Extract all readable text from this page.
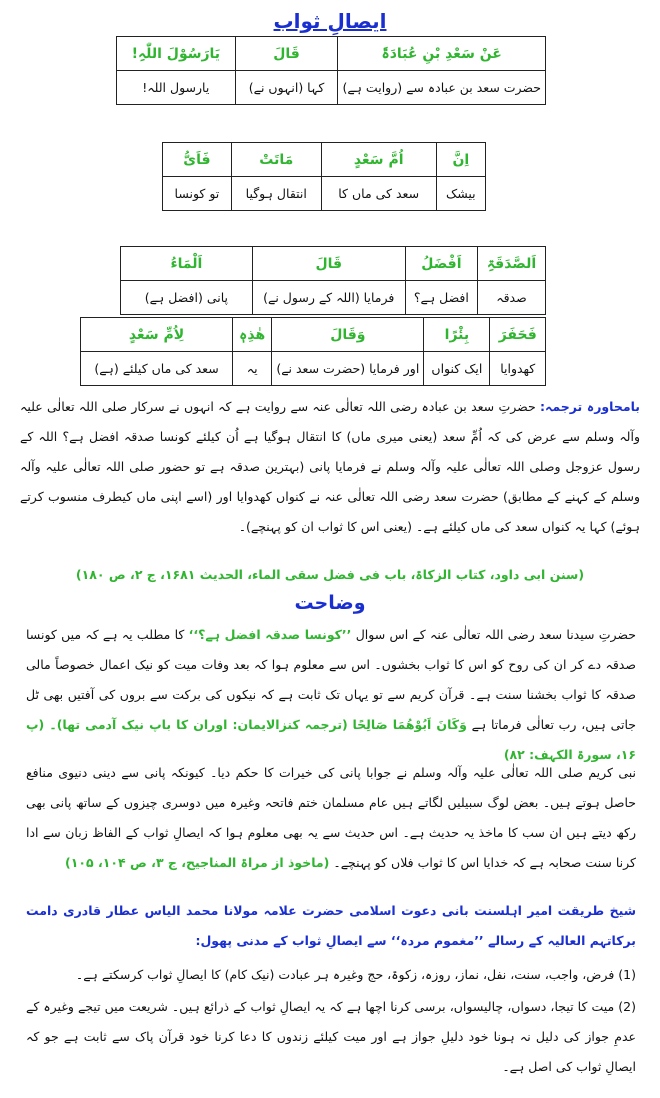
ایصالِ ثواب
عَنْ سَعْدِ بْنِ عُبَادَۃَ	قَالَ	یَارَسُوْلَ اللّٰہِ!
حضرت سعد بن عبادہ سے (روایت ہے)	کہا (انہوں نے)	یارسول اللہ!
اِنَّ	اُمَّ سَعْدٍ	مَاتَتْ	فَاَیُّ
بیشک	سعد کی ماں کا	انتقال ہوگیا	تو کونسا
اَلصَّدَقَۃِ	اَفْضَلُ	قَالَ	اَلْمَاءُ
صدقہ	افضل ہے؟	فرمایا (اللہ کے رسول نے)	پانی (افضل ہے)
فَحَفَرَ	بِئْرًا	وَقَالَ	ھٰذِہٖ	لِاُمِّ سَعْدٍ
کھدوایا	ایک کنواں	اور فرمایا (حضرت سعد نے)	یہ	سعد کی ماں کیلئے (ہے)

بامحاورہ ترجمہ: حضرتِ سعد بن عبادہ رضی اللہ تعالٰی عنہ سے روایت ہے کہ انہوں نے سرکار صلی اللہ تعالٰی علیہ وآلہ وسلم سے عرض کی کہ اُمِّ سعد (یعنی میری ماں) کا انتقال ہوگیا ہے اُن کیلئے کونسا صدقہ افضل ہے؟ اللہ کے رسول عزوجل وصلی اللہ تعالٰی علیہ وآلہ وسلم نے فرمایا پانی (بہترین صدقہ ہے تو حضور صلی اللہ تعالٰی علیہ وآلہ وسلم کے کہنے کے مطابق) حضرت سعد رضی اللہ تعالٰی عنہ نے کنواں کھدوایا اور (اسے اپنی ماں کیطرف منسوب کرتے ہوئے) کہا یہ کنواں سعد کی ماں کیلئے ہے۔ (یعنی اس کا ثواب ان کو پہنچے)۔

(سنن ابی داود، کتاب الزکاۃ، باب فی فضل سقی الماء، الحدیث ۱۶۸۱، ج ۲، ص ۱۸۰)
وضاحت

حضرتِ سیدنا سعد رضی اللہ تعالٰی عنہ کے اس سوال ’’کونسا صدقہ افضل ہے؟‘‘ کا مطلب یہ ہے کہ میں کونسا صدقہ دے کر ان کی روح کو اس کا ثواب بخشوں۔ اس سے معلوم ہوا کہ بعد وفات میت کو نیک اعمال خصوصاً مالی صدقہ کا ثواب بخشنا سنت ہے۔ قرآن کریم سے تو یہاں تک ثابت ہے کہ نیکوں کی برکت سے بروں کی آفتیں بھی ٹل جاتی ہیں، رب تعالٰی فرماتا ہے وَكَانَ اَبُوْهُمَا صَالِحًا (ترجمہ کنزالایمان: اوران کا باپ نیک آدمی تھا)۔ (پ ۱۶، سورۃ الکہف: ۸۲)

نبی کریم صلی اللہ تعالٰی علیہ وآلہ وسلم نے جوابا پانی کی خیرات کا حکم دیا۔ کیونکہ پانی سے دینی دنیوی منافع حاصل ہوتے ہیں۔ بعض لوگ سبیلیں لگاتے ہیں عام مسلمان ختم فاتحہ وغیرہ میں دوسری چیزوں کے ساتھ پانی بھی رکھ دیتے ہیں ان سب کا ماخذ یہ حدیث ہے۔ اس حدیث سے یہ بھی معلوم ہوا کہ ایصالِ ثواب کے الفاظ زبان سے ادا کرنا سنت صحابہ ہے کہ خدایا اس کا ثواب فلاں کو پہنچے۔ (ماخوذ از مراۃ المناجیح، ج ۳، ص ۱۰۴، ۱۰۵)

شیخ طریقت امیر اہلسنت بانی دعوت اسلامی حضرت علامہ مولانا محمد الیاس عطار قادری دامت برکاتہم العالیہ کے رسالے ’’مغموم مردہ‘‘ سے ایصالِ ثواب کے مدنی پھول:

(1) فرض، واجب، سنت، نفل، نماز، روزہ، زکوۃ، حج وغیرہ ہر عبادت (نیک کام) کا ایصالِ ثواب کرسکتے ہے۔

(2) میت کا تیجا، دسواں، چالیسواں، برسی کرنا اچھا ہے کہ یہ ایصالِ ثواب کے ذرائع ہیں۔ شریعت میں تیجے وغیرہ کے عدمِ جواز کی دلیل نہ ہونا خود دلیلِ جواز ہے اور میت کیلئے زندوں کا دعا کرنا خود قرآن پاک سے ثابت ہے جو کہ ایصالِ ثواب کی اصل ہے۔
